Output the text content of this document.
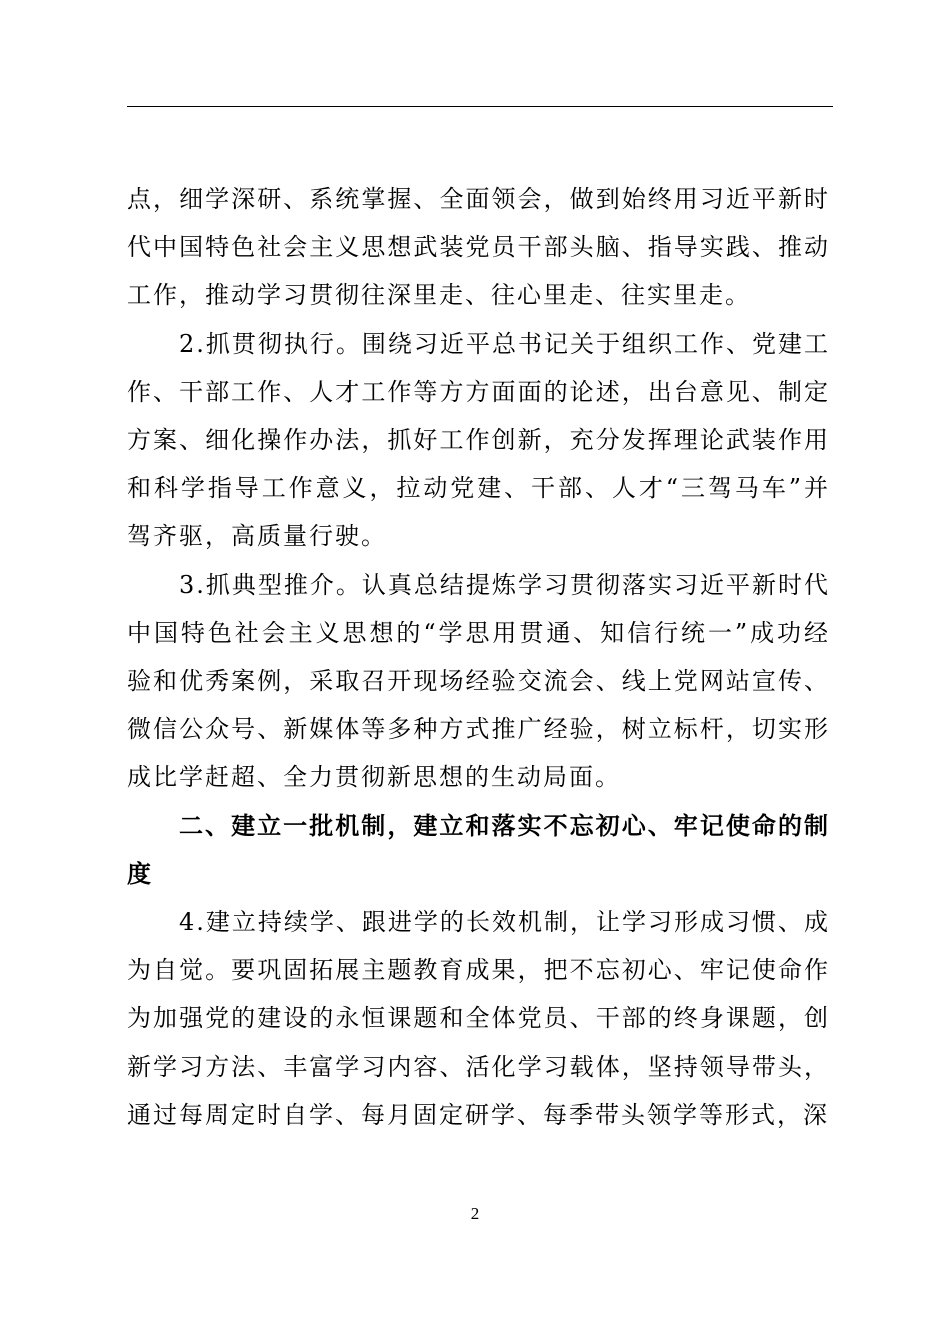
点，细学深研、系统掌握、全面领会，做到始终用习近平新时代中国特色社会主义思想武装党员干部头脑、指导实践、推动工作，推动学习贯彻往深里走、往心里走、往实里走。

2.抓贯彻执行。围绕习近平总书记关于组织工作、党建工作、干部工作、人才工作等方方面面的论述，出台意见、制定方案、细化操作办法，抓好工作创新，充分发挥理论武装作用和科学指导工作意义，拉动党建、干部、人才“三驾马车”并驾齐驱，高质量行驶。

3.抓典型推介。认真总结提炼学习贯彻落实习近平新时代中国特色社会主义思想的“学思用贯通、知信行统一”成功经验和优秀案例，采取召开现场经验交流会、线上党网站宣传、微信公众号、新媒体等多种方式推广经验，树立标杆，切实形成比学赶超、全力贯彻新思想的生动局面。

二、建立一批机制，建立和落实不忘初心、牢记使命的制度

4.建立持续学、跟进学的长效机制，让学习形成习惯、成为自觉。要巩固拓展主题教育成果，把不忘初心、牢记使命作为加强党的建设的永恒课题和全体党员、干部的终身课题，创新学习方法、丰富学习内容、活化学习载体，坚持领导带头，通过每周定时自学、每月固定研学、每季带头领学等形式，深

2
